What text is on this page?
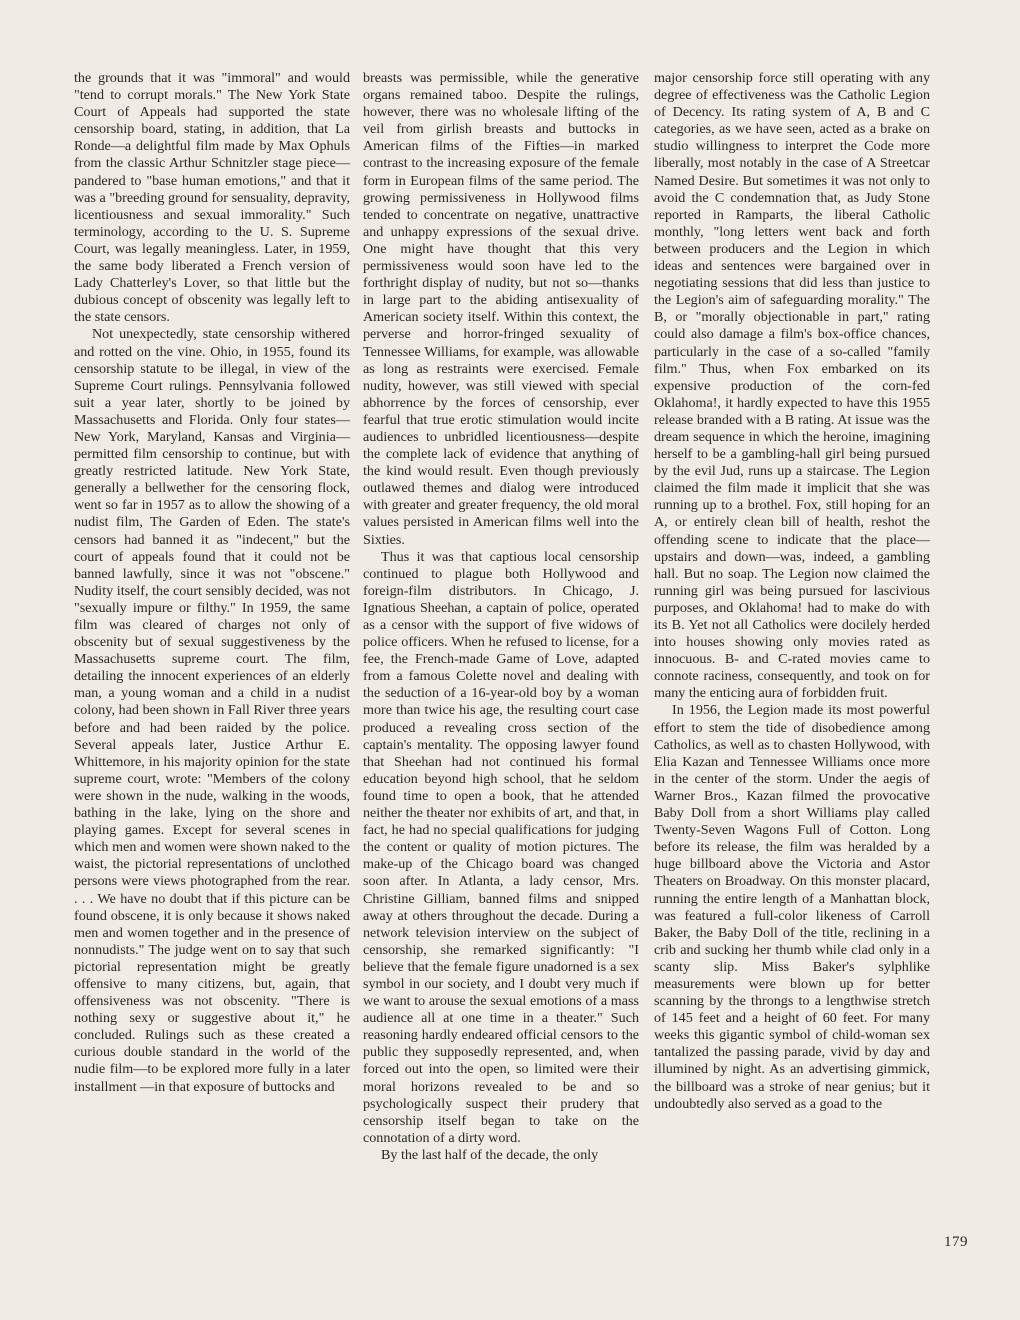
the grounds that it was "immoral" and would "tend to corrupt morals." The New York State Court of Appeals had supported the state censorship board, stating, in addition, that La Ronde—a delightful film made by Max Ophuls from the classic Arthur Schnitzler stage piece—pandered to "base human emotions," and that it was a "breeding ground for sensuality, depravity, licentiousness and sexual immorality." Such terminology, according to the U. S. Supreme Court, was legally meaningless. Later, in 1959, the same body liberated a French version of Lady Chatterley's Lover, so that little but the dubious concept of obscenity was legally left to the state censors.

Not unexpectedly, state censorship withered and rotted on the vine. Ohio, in 1955, found its censorship statute to be illegal, in view of the Supreme Court rulings. Pennsylvania followed suit a year later, shortly to be joined by Massachusetts and Florida. Only four states—New York, Maryland, Kansas and Virginia—permitted film censorship to continue, but with greatly restricted latitude. New York State, generally a bellwether for the censoring flock, went so far in 1957 as to allow the showing of a nudist film, The Garden of Eden. The state's censors had banned it as "indecent," but the court of appeals found that it could not be banned lawfully, since it was not "obscene." Nudity itself, the court sensibly decided, was not "sexually impure or filthy." In 1959, the same film was cleared of charges not only of obscenity but of sexual suggestiveness by the Massachusetts supreme court. The film, detailing the innocent experiences of an elderly man, a young woman and a child in a nudist colony, had been shown in Fall River three years before and had been raided by the police. Several appeals later, Justice Arthur E. Whittemore, in his majority opinion for the state supreme court, wrote: "Members of the colony were shown in the nude, walking in the woods, bathing in the lake, lying on the shore and playing games. Except for several scenes in which men and women were shown naked to the waist, the pictorial representations of unclothed persons were views photographed from the rear. . . . We have no doubt that if this picture can be found obscene, it is only because it shows naked men and women together and in the presence of nonnudists." The judge went on to say that such pictorial representation might be greatly offensive to many citizens, but, again, that offensiveness was not obscenity. "There is nothing sexy or suggestive about it," he concluded. Rulings such as these created a curious double standard in the world of the nudie film—to be explored more fully in a later installment —in that exposure of buttocks and

breasts was permissible, while the generative organs remained taboo. Despite the rulings, however, there was no wholesale lifting of the veil from girlish breasts and buttocks in American films of the Fifties—in marked contrast to the increasing exposure of the female form in European films of the same period. The growing permissiveness in Hollywood films tended to concentrate on negative, unattractive and unhappy expressions of the sexual drive. One might have thought that this very permissiveness would soon have led to the forthright display of nudity, but not so—thanks in large part to the abiding antisexuality of American society itself. Within this context, the perverse and horror-fringed sexuality of Tennessee Williams, for example, was allowable as long as restraints were exercised. Female nudity, however, was still viewed with special abhorrence by the forces of censorship, ever fearful that true erotic stimulation would incite audiences to unbridled licentiousness—despite the complete lack of evidence that anything of the kind would result. Even though previously outlawed themes and dialog were introduced with greater and greater frequency, the old moral values persisted in American films well into the Sixties.

Thus it was that captious local censorship continued to plague both Hollywood and foreign-film distributors. In Chicago, J. Ignatious Sheehan, a captain of police, operated as a censor with the support of five widows of police officers. When he refused to license, for a fee, the French-made Game of Love, adapted from a famous Colette novel and dealing with the seduction of a 16-year-old boy by a woman more than twice his age, the resulting court case produced a revealing cross section of the captain's mentality. The opposing lawyer found that Sheehan had not continued his formal education beyond high school, that he seldom found time to open a book, that he attended neither the theater nor exhibits of art, and that, in fact, he had no special qualifications for judging the content or quality of motion pictures. The make-up of the Chicago board was changed soon after. In Atlanta, a lady censor, Mrs. Christine Gilliam, banned films and snipped away at others throughout the decade. During a network television interview on the subject of censorship, she remarked significantly: "I believe that the female figure unadorned is a sex symbol in our society, and I doubt very much if we want to arouse the sexual emotions of a mass audience all at one time in a theater." Such reasoning hardly endeared official censors to the public they supposedly represented, and, when forced out into the open, so limited were their moral horizons revealed to be and so psychologically suspect their prudery that censorship itself began to take on the connotation of a dirty word.

By the last half of the decade, the only

major censorship force still operating with any degree of effectiveness was the Catholic Legion of Decency. Its rating system of A, B and C categories, as we have seen, acted as a brake on studio willingness to interpret the Code more liberally, most notably in the case of A Streetcar Named Desire. But sometimes it was not only to avoid the C condemnation that, as Judy Stone reported in Ramparts, the liberal Catholic monthly, "long letters went back and forth between producers and the Legion in which ideas and sentences were bargained over in negotiating sessions that did less than justice to the Legion's aim of safeguarding morality." The B, or "morally objectionable in part," rating could also damage a film's box-office chances, particularly in the case of a so-called "family film." Thus, when Fox embarked on its expensive production of the corn-fed Oklahoma!, it hardly expected to have this 1955 release branded with a B rating. At issue was the dream sequence in which the heroine, imagining herself to be a gambling-hall girl being pursued by the evil Jud, runs up a staircase. The Legion claimed the film made it implicit that she was running up to a brothel. Fox, still hoping for an A, or entirely clean bill of health, reshot the offending scene to indicate that the place—upstairs and down—was, indeed, a gambling hall. But no soap. The Legion now claimed the running girl was being pursued for lascivious purposes, and Oklahoma! had to make do with its B. Yet not all Catholics were docilely herded into houses showing only movies rated as innocuous. B- and C-rated movies came to connote raciness, consequently, and took on for many the enticing aura of forbidden fruit.

In 1956, the Legion made its most powerful effort to stem the tide of disobedience among Catholics, as well as to chasten Hollywood, with Elia Kazan and Tennessee Williams once more in the center of the storm. Under the aegis of Warner Bros., Kazan filmed the provocative Baby Doll from a short Williams play called Twenty-Seven Wagons Full of Cotton. Long before its release, the film was heralded by a huge billboard above the Victoria and Astor Theaters on Broadway. On this monster placard, running the entire length of a Manhattan block, was featured a full-color likeness of Carroll Baker, the Baby Doll of the title, reclining in a crib and sucking her thumb while clad only in a scanty slip. Miss Baker's sylphlike measurements were blown up for better scanning by the throngs to a lengthwise stretch of 145 feet and a height of 60 feet. For many weeks this gigantic symbol of child-woman sex tantalized the passing parade, vivid by day and illumined by night. As an advertising gimmick, the billboard was a stroke of near genius; but it undoubtedly also served as a goad to the

179
